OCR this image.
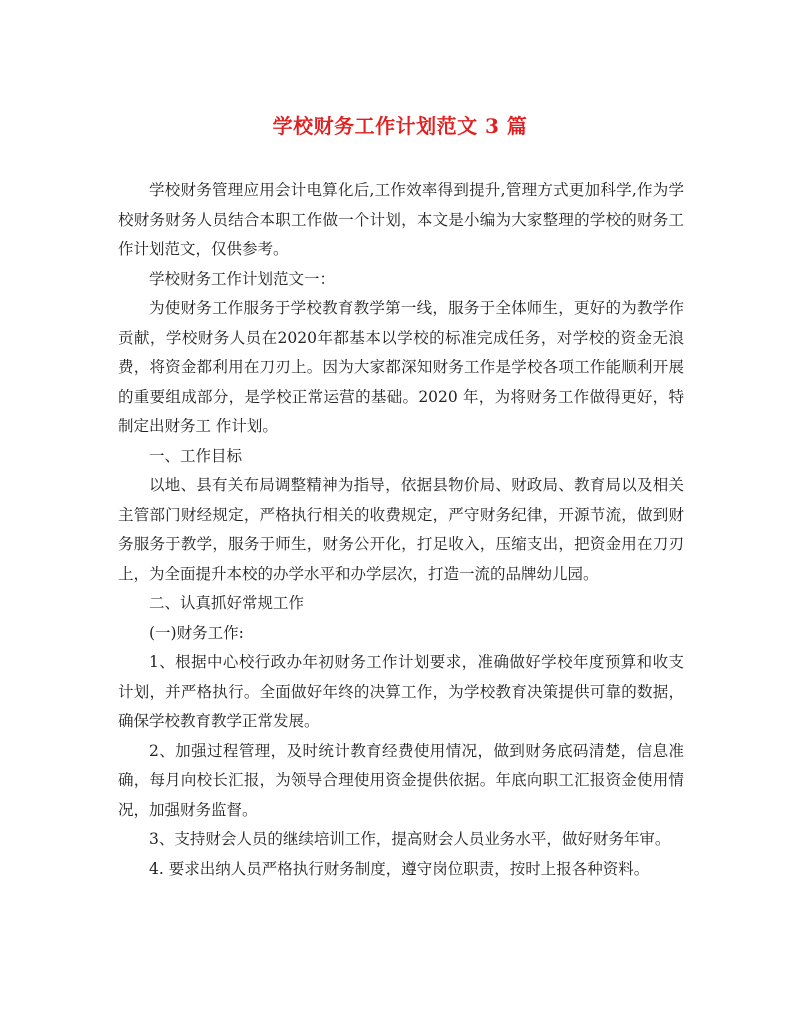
学校财务工作计划范文 3 篇

学校财务管理应用会计电算化后,工作效率得到提升,管理方式更加科学,作为学校财务财务人员结合本职工作做一个计划，本文是小编为大家整理的学校的财务工作计划范文，仅供参考。

学校财务工作计划范文一：

为使财务工作服务于学校教育教学第一线，服务于全体师生，更好的为教学作贡献，学校财务人员在2020年都基本以学校的标准完成任务，对学校的资金无浪费，将资金都利用在刀刃上。因为大家都深知财务工作是学校各项工作能顺利开展的重要组成部分，是学校正常运营的基础。2020 年，为将财务工作做得更好，特制定出财务工 作计划。

一、工作目标

以地、县有关布局调整精神为指导，依据县物价局、财政局、教育局以及相关主管部门财经规定，严格执行相关的收费规定，严守财务纪律，开源节流，做到财务服务于教学，服务于师生，财务公开化，打足收入，压缩支出，把资金用在刀刃上，为全面提升本校的办学水平和办学层次，打造一流的品牌幼儿园。

二、认真抓好常规工作

(一)财务工作:

1、根据中心校行政办年初财务工作计划要求，准确做好学校年度预算和收支计划，并严格执行。全面做好年终的决算工作，为学校教育决策提供可靠的数据，确保学校教育教学正常发展。

2、加强过程管理，及时统计教育经费使用情况，做到财务底码清楚，信息准确，每月向校长汇报，为领导合理使用资金提供依据。年底向职工汇报资金使用情况，加强财务监督。

3、支持财会人员的继续培训工作，提高财会人员业务水平，做好财务年审。

4. 要求出纳人员严格执行财务制度，遵守岗位职责，按时上报各种资料。
